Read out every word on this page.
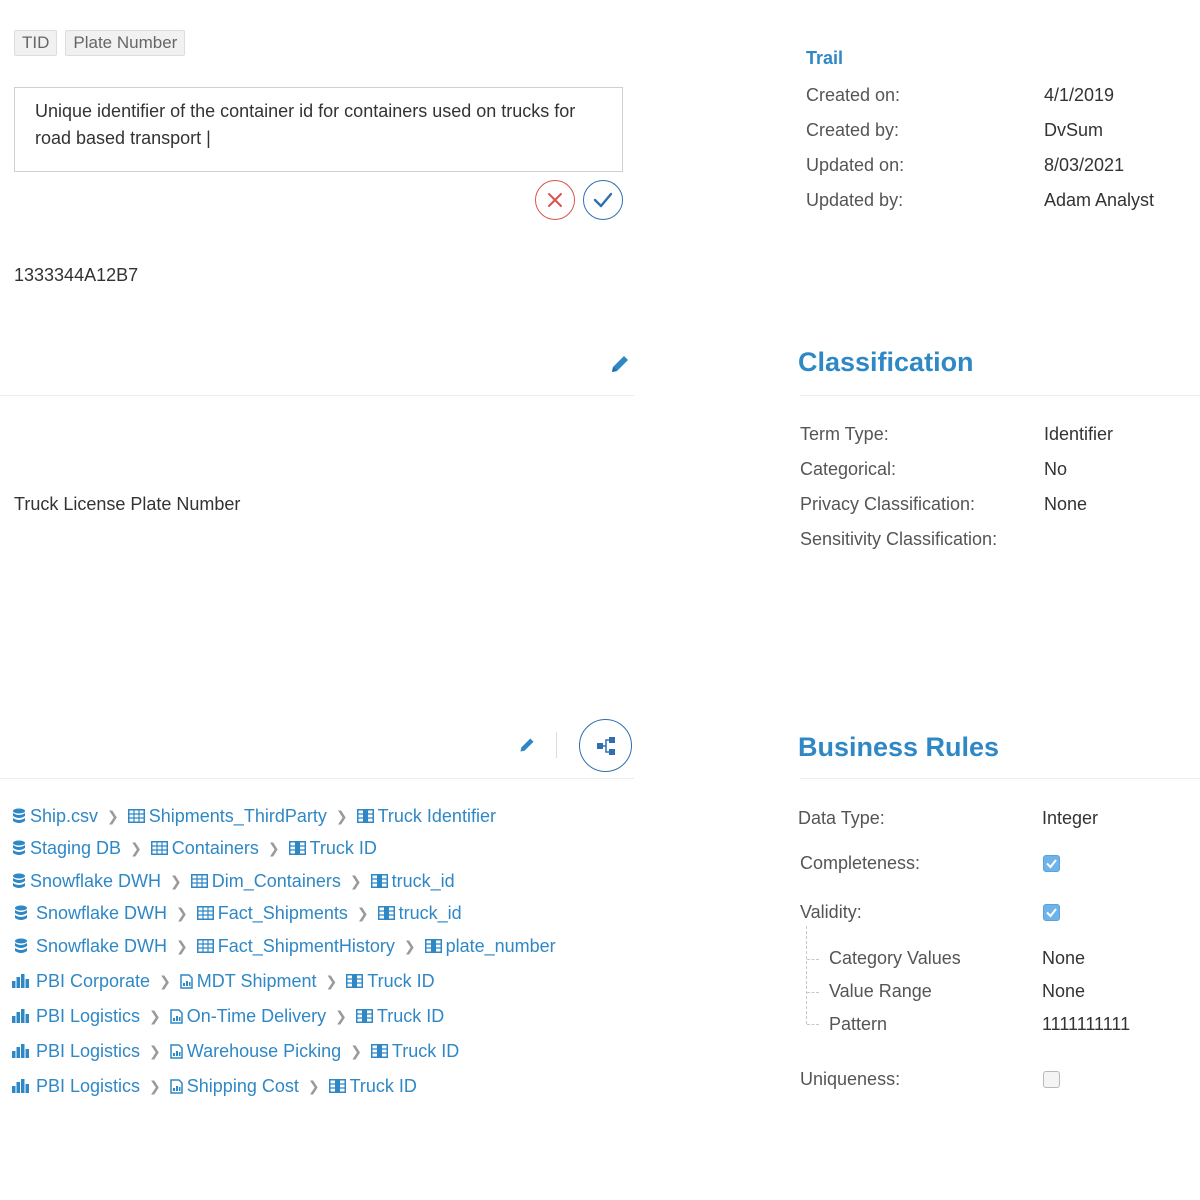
TID	Plate Number
Unique identifier of the container id for containers used on trucks for road based transport |
1333344A12B7
Truck License Plate Number
Ship.csv ❯ Shipments_ThirdParty ❯ Truck Identifier
Staging DB ❯ Containers ❯ Truck ID
Snowflake DWH ❯ Dim_Containers ❯ truck_id
Snowflake DWH ❯ Fact_Shipments ❯ truck_id
Snowflake DWH ❯ Fact_ShipmentHistory ❯ plate_number
PBI Corporate ❯ MDT Shipment ❯ Truck ID
PBI Logistics ❯ On-Time Delivery ❯ Truck ID
PBI Logistics ❯ Warehouse Picking ❯ Truck ID
PBI Logistics ❯ Shipping Cost ❯ Truck ID
Trail
Created on:	4/1/2019
Created by:	DvSum
Updated on:	8/03/2021
Updated by:	Adam Analyst
Classification
Term Type:	Identifier
Categorical:	No
Privacy Classification:	None
Sensitivity Classification:
Business Rules
Data Type:	Integer
Completeness:
Validity:
Category Values	None
Value Range	None
Pattern	1111111111
Uniqueness:
